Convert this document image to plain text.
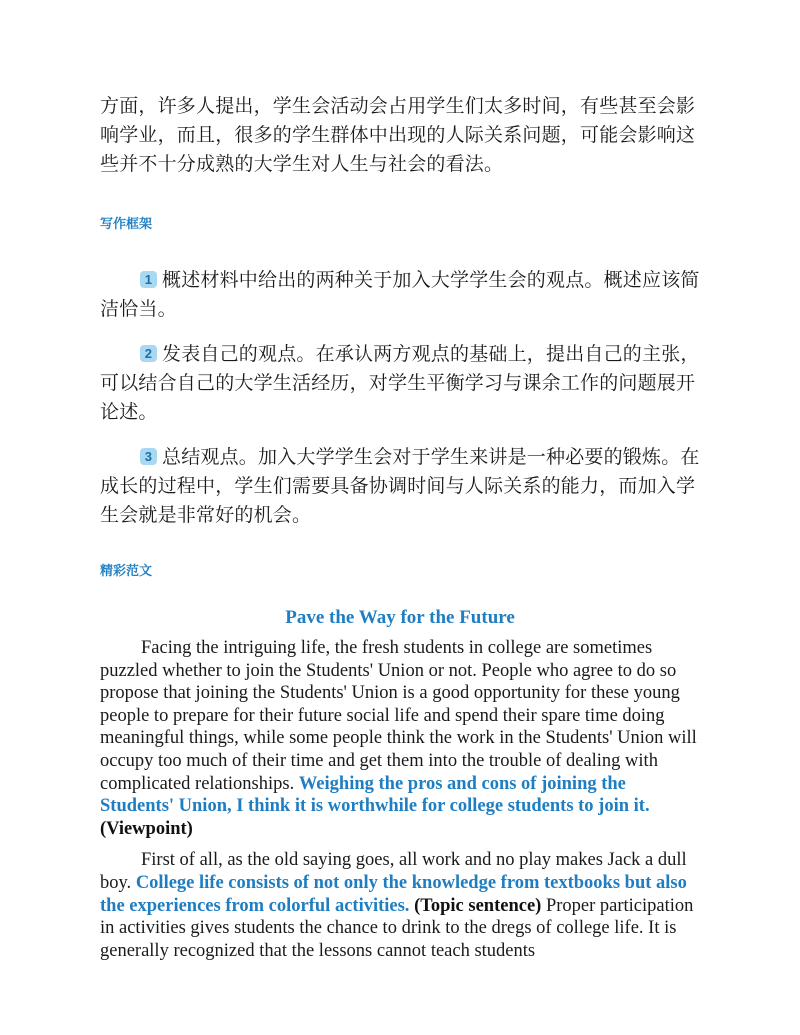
方面，许多人提出，学生会活动会占用学生们太多时间，有些甚至会影响学业，而且，很多的学生群体中出现的人际关系问题，可能会影响这些并不十分成熟的大学生对人生与社会的看法。

写作框架

1 概述材料中给出的两种关于加入大学学生会的观点。概述应该简洁恰当。

2 发表自己的观点。在承认两方观点的基础上，提出自己的主张，可以结合自己的大学生活经历，对学生平衡学习与课余工作的问题展开论述。

3 总结观点。加入大学学生会对于学生来讲是一种必要的锻炼。在成长的过程中，学生们需要具备协调时间与人际关系的能力，而加入学生会就是非常好的机会。

精彩范文

Pave the Way for the Future

Facing the intriguing life, the fresh students in college are sometimes puzzled whether to join the Students' Union or not. People who agree to do so propose that joining the Students' Union is a good opportunity for these young people to prepare for their future social life and spend their spare time doing meaningful things, while some people think the work in the Students' Union will occupy too much of their time and get them into the trouble of dealing with complicated relationships. Weighing the pros and cons of joining the Students' Union, I think it is worthwhile for college students to join it. (Viewpoint)

First of all, as the old saying goes, all work and no play makes Jack a dull boy. College life consists of not only the knowledge from textbooks but also the experiences from colorful activities. (Topic sentence) Proper participation in activities gives students the chance to drink to the dregs of college life. It is generally recognized that the lessons cannot teach students
